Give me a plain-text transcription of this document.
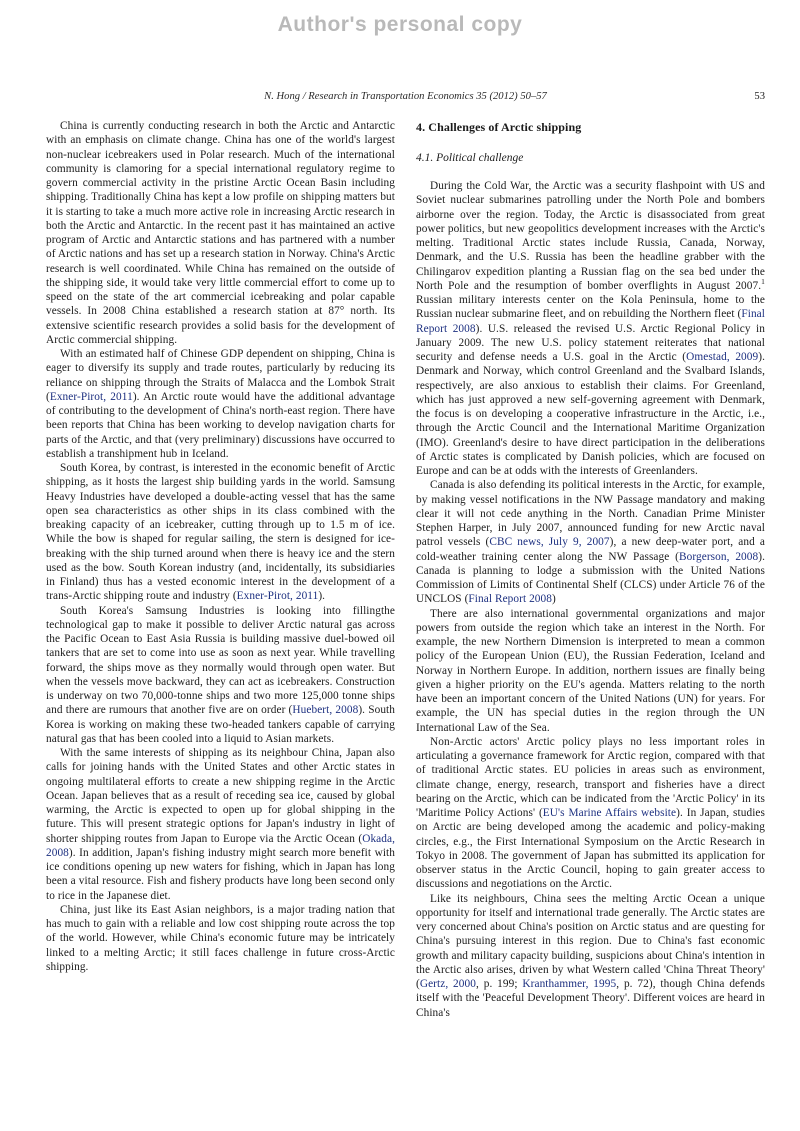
Author's personal copy
N. Hong / Research in Transportation Economics 35 (2012) 50–57	53

China is currently conducting research in both the Arctic and Antarctic with an emphasis on climate change. China has one of the world's largest non-nuclear icebreakers used in Polar research. Much of the international community is clamoring for a special international regulatory regime to govern commercial activity in the pristine Arctic Ocean Basin including shipping. Traditionally China has kept a low profile on shipping matters but it is starting to take a much more active role in increasing Arctic research in both the Arctic and Antarctic. In the recent past it has maintained an active program of Arctic and Antarctic stations and has partnered with a number of Arctic nations and has set up a research station in Norway. China's Arctic research is well coordinated. While China has remained on the outside of the shipping side, it would take very little commercial effort to come up to speed on the state of the art commercial icebreaking and polar capable vessels. In 2008 China established a research station at 87° north. Its extensive scientific research provides a solid basis for the development of Arctic commercial shipping.

With an estimated half of Chinese GDP dependent on shipping, China is eager to diversify its supply and trade routes, particularly by reducing its reliance on shipping through the Straits of Malacca and the Lombok Strait (Exner-Pirot, 2011). An Arctic route would have the additional advantage of contributing to the development of China's north-east region. There have been reports that China has been working to develop navigation charts for parts of the Arctic, and that (very preliminary) discussions have occurred to establish a transhipment hub in Iceland.

South Korea, by contrast, is interested in the economic benefit of Arctic shipping, as it hosts the largest ship building yards in the world. Samsung Heavy Industries have developed a double-acting vessel that has the same open sea characteristics as other ships in its class combined with the breaking capacity of an icebreaker, cutting through up to 1.5 m of ice. While the bow is shaped for regular sailing, the stern is designed for ice-breaking with the ship turned around when there is heavy ice and the stern used as the bow. South Korean industry (and, incidentally, its subsidiaries in Finland) thus has a vested economic interest in the development of a trans-Arctic shipping route and industry (Exner-Pirot, 2011).

South Korea's Samsung Industries is looking into fillingthe technological gap to make it possible to deliver Arctic natural gas across the Pacific Ocean to East Asia Russia is building massive duel-bowed oil tankers that are set to come into use as soon as next year. While travelling forward, the ships move as they normally would through open water. But when the vessels move backward, they can act as icebreakers. Construction is underway on two 70,000-tonne ships and two more 125,000 tonne ships and there are rumours that another five are on order (Huebert, 2008). South Korea is working on making these two-headed tankers capable of carrying natural gas that has been cooled into a liquid to Asian markets.

With the same interests of shipping as its neighbour China, Japan also calls for joining hands with the United States and other Arctic states in ongoing multilateral efforts to create a new shipping regime in the Arctic Ocean. Japan believes that as a result of receding sea ice, caused by global warming, the Arctic is expected to open up for global shipping in the future. This will present strategic options for Japan's industry in light of shorter shipping routes from Japan to Europe via the Arctic Ocean (Okada, 2008). In addition, Japan's fishing industry might search more benefit with ice conditions opening up new waters for fishing, which in Japan has long been a vital resource. Fish and fishery products have long been second only to rice in the Japanese diet.

China, just like its East Asian neighbors, is a major trading nation that has much to gain with a reliable and low cost shipping route across the top of the world. However, while China's economic future may be intricately linked to a melting Arctic; it still faces challenge in future cross-Arctic shipping.

4. Challenges of Arctic shipping
4.1. Political challenge

During the Cold War, the Arctic was a security flashpoint with US and Soviet nuclear submarines patrolling under the North Pole and bombers airborne over the region. Today, the Arctic is disassociated from great power politics, but new geopolitics development increases with the Arctic's melting. Traditional Arctic states include Russia, Canada, Norway, Denmark, and the U.S. Russia has been the headline grabber with the Chilingarov expedition planting a Russian flag on the sea bed under the North Pole and the resumption of bomber overflights in August 2007.$^1$ Russian military interests center on the Kola Peninsula, home to the Russian nuclear submarine fleet, and on rebuilding the Northern fleet (Final Report 2008). U.S. released the revised U.S. Arctic Regional Policy in January 2009. The new U.S. policy statement reiterates that national security and defense needs a U.S. goal in the Arctic (Omestad, 2009). Denmark and Norway, which control Greenland and the Svalbard Islands, respectively, are also anxious to establish their claims. For Greenland, which has just approved a new self-governing agreement with Denmark, the focus is on developing a cooperative infrastructure in the Arctic, i.e., through the Arctic Council and the International Maritime Organization (IMO). Greenland's desire to have direct participation in the deliberations of Arctic states is complicated by Danish policies, which are focused on Europe and can be at odds with the interests of Greenlanders.

Canada is also defending its political interests in the Arctic, for example, by making vessel notifications in the NW Passage mandatory and making clear it will not cede anything in the North. Canadian Prime Minister Stephen Harper, in July 2007, announced funding for new Arctic naval patrol vessels (CBC news, July 9, 2007), a new deep-water port, and a cold-weather training center along the NW Passage (Borgerson, 2008). Canada is planning to lodge a submission with the United Nations Commission of Limits of Continental Shelf (CLCS) under Article 76 of the UNCLOS (Final Report 2008)

There are also international governmental organizations and major powers from outside the region which take an interest in the North. For example, the new Northern Dimension is interpreted to mean a common policy of the European Union (EU), the Russian Federation, Iceland and Norway in Northern Europe. In addition, northern issues are finally being given a higher priority on the EU's agenda. Matters relating to the north have been an important concern of the United Nations (UN) for years. For example, the UN has special duties in the region through the UN International Law of the Sea.

Non-Arctic actors' Arctic policy plays no less important roles in articulating a governance framework for Arctic region, compared with that of traditional Arctic states. EU policies in areas such as environment, climate change, energy, research, transport and fisheries have a direct bearing on the Arctic, which can be indicated from the 'Arctic Policy' in its 'Maritime Policy Actions' (EU's Marine Affairs website). In Japan, studies on Arctic are being developed among the academic and policy-making circles, e.g., the First International Symposium on the Arctic Research in Tokyo in 2008. The government of Japan has submitted its application for observer status in the Arctic Council, hoping to gain greater access to discussions and negotiations on the Arctic.

Like its neighbours, China sees the melting Arctic Ocean a unique opportunity for itself and international trade generally. The Arctic states are very concerned about China's position on Arctic status and are questing for China's pursuing interest in this region. Due to China's fast economic growth and military capacity building, suspicions about China's intention in the Arctic also arises, driven by what Western called 'China Threat Theory' (Gertz, 2000, p. 199; Kranthammer, 1995, p. 72), though China defends itself with the 'Peaceful Development Theory'. Different voices are heard in China's
